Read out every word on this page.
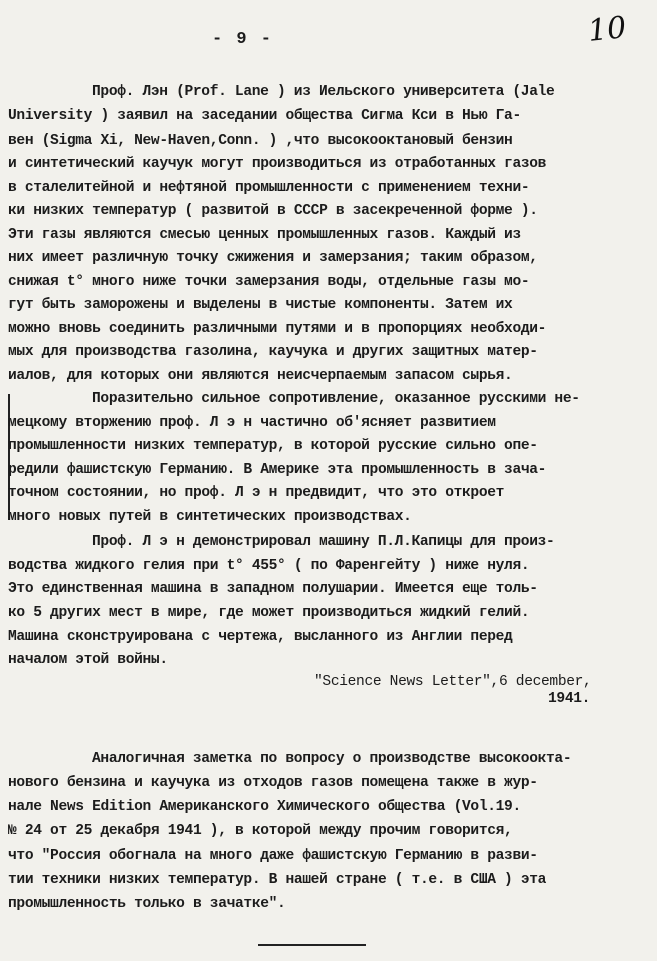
- 9 -	10
Проф. Лэн (Prof. Lane ) из Иельского университета (Jale
University ) заявил на заседании общества Сигма Кси в Нью Га-
вен (Sigma Xi, New-Haven,Conn. ) ,что высокооктановый бензин
и синтетический каучук могут производиться из отработанных газов
в сталелитейной и нефтяной промышленности с применением техни-
ки низких температур ( развитой в СССР в засекреченной форме ).
Эти газы являются смесью ценных промышленных газов. Каждый из
них имеет различную точку сжижения и замерзания; таким образом,
снижая t° много ниже точки замерзания воды, отдельные газы мо-
гут быть заморожены и выделены в чистые компоненты. Затем их
можно вновь соединить различными путями и в пропорциях необходи-
мых для производства газолина, каучука и других защитных матер-
иалов, для которых они являются неисчерпаемым запасом сырья.
Поразительно сильное сопротивление, оказанное русскими не-
мецкому вторжению проф. Л э н частично об'ясняет развитием
промышленности низких температур, в которой русские сильно опе-
редили фашистскую Германию. В Америке эта промышленность в зача-
точном состоянии, но проф. Л э н предвидит, что это откроет
много новых путей в синтетических производствах.
Проф. Л э н демонстрировал машину П.Л.Капицы для произ-
водства жидкого гелия при t° 455° ( по Фаренгейту ) ниже нуля.
Это единственная машина в западном полушарии. Имеется еще толь-
ко 5 других мест в мире, где может производиться жидкий гелий.
Машина сконструирована с чертежа, высланного из Англии перед
началом этой войны.
"Science News Letter",6 december,
1941.
Аналогичная заметка по вопросу о производстве высокоокта-
нового бензина и каучука из отходов газов помещена также в жур-
нале News Edition Американского Химического общества (Vol.19.
№ 24 от 25 декабря 1941 ), в которой между прочим говорится,
что "Россия обогнала на много даже фашистскую Германию в разви-
тии техники низких температур. В нашей стране ( т.е. в США ) эта
промышленность только в зачатке".
